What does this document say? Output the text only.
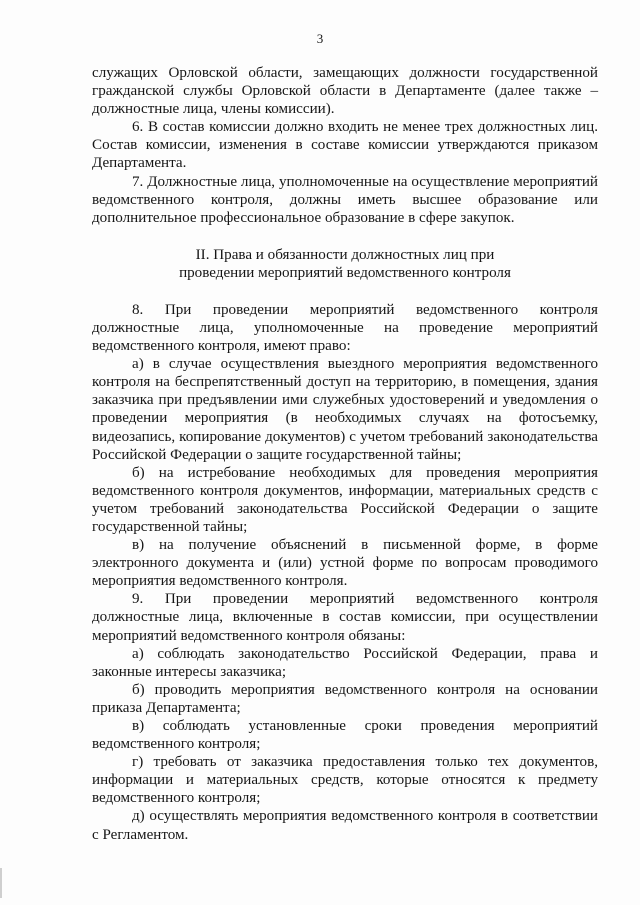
3

служащих Орловской области, замещающих должности государственной гражданской службы Орловской области в Департаменте (далее также – должностные лица, члены комиссии).

6. В состав комиссии должно входить не менее трех должностных лиц. Состав комиссии, изменения в составе комиссии утверждаются приказом Департамента.

7. Должностные лица, уполномоченные на осуществление мероприятий ведомственного контроля, должны иметь высшее образование или дополнительное профессиональное образование в сфере закупок.

II. Права и обязанности должностных лиц при
проведении мероприятий ведомственного контроля

8. При проведении мероприятий ведомственного контроля должностные лица, уполномоченные на проведение мероприятий ведомственного контроля, имеют право:

а) в случае осуществления выездного мероприятия ведомственного контроля на беспрепятственный доступ на территорию, в помещения, здания заказчика при предъявлении ими служебных удостоверений и уведомления о проведении мероприятия (в необходимых случаях на фотосъемку, видеозапись, копирование документов) с учетом требований законодательства Российской Федерации о защите государственной тайны;

б) на истребование необходимых для проведения мероприятия ведомственного контроля документов, информации, материальных средств с учетом требований законодательства Российской Федерации о защите государственной тайны;

в) на получение объяснений в письменной форме, в форме электронного документа и (или) устной форме по вопросам проводимого мероприятия ведомственного контроля.

9. При проведении мероприятий ведомственного контроля должностные лица, включенные в состав комиссии, при осуществлении мероприятий ведомственного контроля обязаны:

а) соблюдать законодательство Российской Федерации, права и законные интересы заказчика;

б) проводить мероприятия ведомственного контроля на основании приказа Департамента;

в) соблюдать установленные сроки проведения мероприятий ведомственного контроля;

г) требовать от заказчика предоставления только тех документов, информации и материальных средств, которые относятся к предмету ведомственного контроля;

д) осуществлять мероприятия ведомственного контроля в соответствии с Регламентом.
